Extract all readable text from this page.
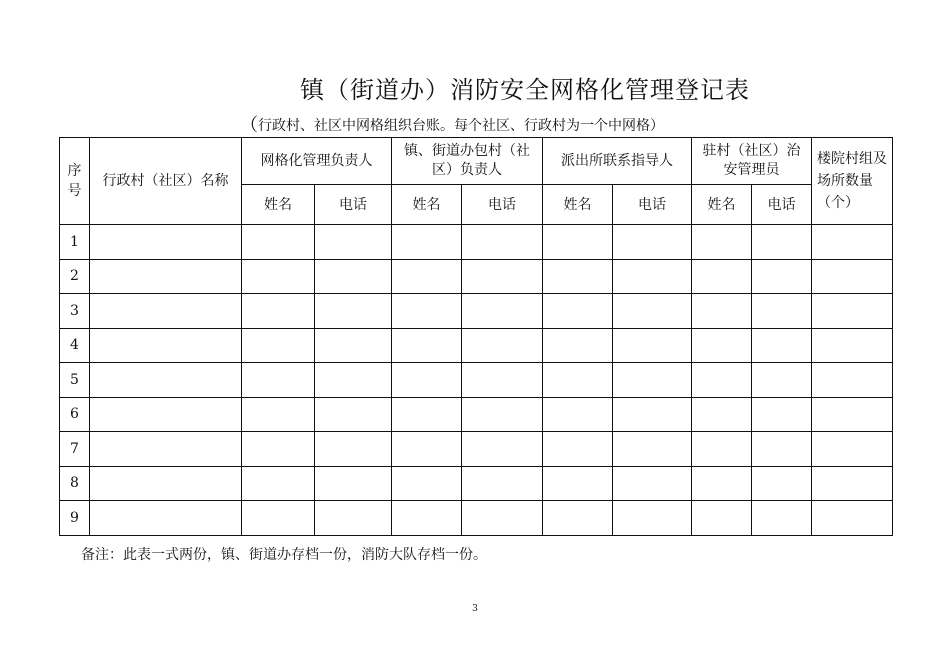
镇（街道办）消防安全网格化管理登记表
（行政村、社区中网格组织台账。每个社区、行政村为一个中网格）
序号	行政村（社区）名称	网格化管理负责人		镇、街道办包村（社区）负责人		派出所联系指导人		驻村（社区）治安管理员		楼院村组及场所数量（个）

		姓名	电话	姓名	电话	姓名	电话	姓名	电话	
1										
2										
3										
4										
5										
6										
7										
8										
9										
备注：此表一式两份，镇、街道办存档一份，消防大队存档一份。
3
